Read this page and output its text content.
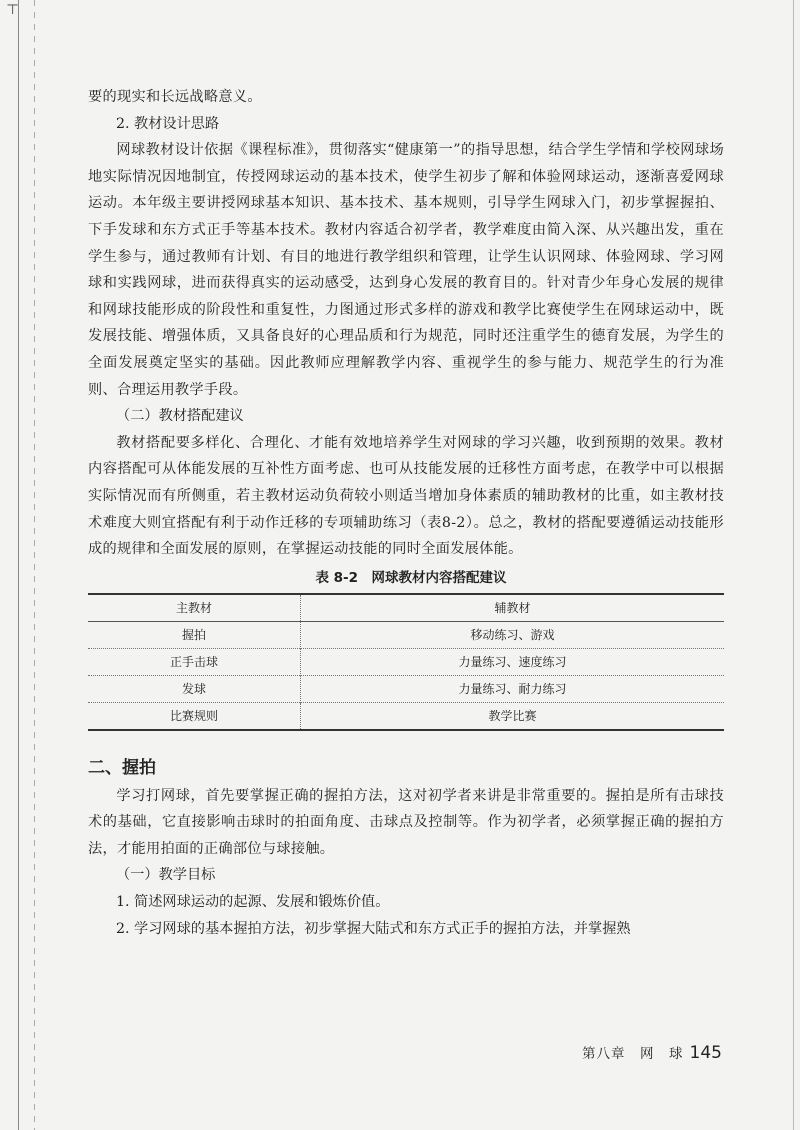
⊤

要的现实和长远战略意义。

2. 教材设计思路

网球教材设计依据《课程标准》，贯彻落实“健康第一”的指导思想，结合学生学情和学校网球场地实际情况因地制宜，传授网球运动的基本技术，使学生初步了解和体验网球运动，逐渐喜爱网球运动。本年级主要讲授网球基本知识、基本技术、基本规则，引导学生网球入门，初步掌握握拍、下手发球和东方式正手等基本技术。教材内容适合初学者，教学难度由简入深、从兴趣出发，重在学生参与，通过教师有计划、有目的地进行教学组织和管理，让学生认识网球、体验网球、学习网球和实践网球，进而获得真实的运动感受，达到身心发展的教育目的。针对青少年身心发展的规律和网球技能形成的阶段性和重复性，力图通过形式多样的游戏和教学比赛使学生在网球运动中，既发展技能、增强体质，又具备良好的心理品质和行为规范，同时还注重学生的德育发展，为学生的全面发展奠定坚实的基础。因此教师应理解教学内容、重视学生的参与能力、规范学生的行为准则、合理运用教学手段。

（二）教材搭配建议

教材搭配要多样化、合理化、才能有效地培养学生对网球的学习兴趣，收到预期的效果。教材内容搭配可从体能发展的互补性方面考虑、也可从技能发展的迁移性方面考虑，在教学中可以根据实际情况而有所侧重，若主教材运动负荷较小则适当增加身体素质的辅助教材的比重，如主教材技术难度大则宜搭配有利于动作迁移的专项辅助练习（表8-2）。总之，教材的搭配要遵循运动技能形成的规律和全面发展的原则，在掌握运动技能的同时全面发展体能。

表 8-2　网球教材内容搭配建议
主教材	辅教材
握拍	移动练习、游戏
正手击球	力量练习、速度练习
发球	力量练习、耐力练习
比赛规则	教学比赛
二、握拍

学习打网球，首先要掌握正确的握拍方法，这对初学者来讲是非常重要的。握拍是所有击球技术的基础，它直接影响击球时的拍面角度、击球点及控制等。作为初学者，必须掌握正确的握拍方法，才能用拍面的正确部位与球接触。

（一）教学目标

1. 简述网球运动的起源、发展和锻炼价值。

2. 学习网球的基本握拍方法，初步掌握大陆式和东方式正手的握拍方法，并掌握熟

第八章　网　球 145
